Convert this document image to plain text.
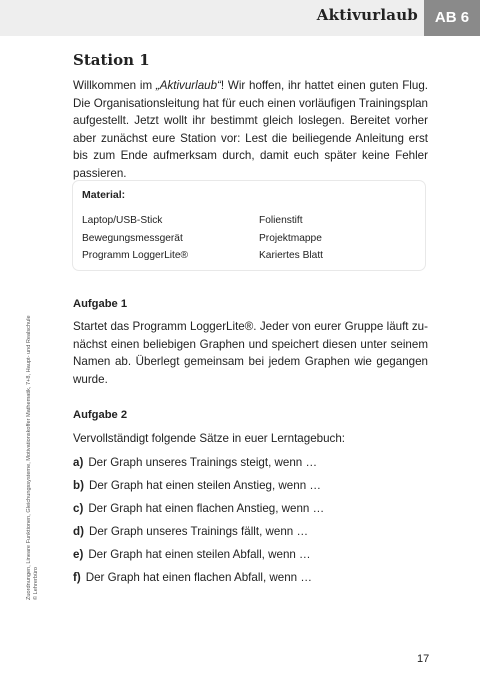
Aktivurlaub	AB 6
Station 1
Willkommen im „Aktivurlaub“! Wir hoffen, ihr hattet einen guten Flug. Die Organisationsleitung hat für euch einen vorläufigen Trainingsplan aufgestellt. Jetzt wollt ihr bestimmt gleich loslegen. Bereitet vorher aber zunächst eure Station vor: Lest die beiliegende Anleitung erst bis zum Ende aufmerksam durch, damit euch später keine Fehler passieren.
Material:
Laptop/USB-Stick
Bewegungsmessgerät
Programm LoggerLite®
Folienstift
Projektmappe
Kariertes Blatt
Aufgabe 1
Startet das Programm LoggerLite®. Jeder von eurer Gruppe läuft zunächst einen beliebigen Graphen und speichert diesen unter seinem Namen ab. Überlegt gemeinsam bei jedem Graphen wie gegangen wurde.
Aufgabe 2
Vervollständigt folgende Sätze in euer Lerntagebuch:
a) Der Graph unseres Trainings steigt, wenn …
b) Der Graph hat einen steilen Anstieg, wenn …
c) Der Graph hat einen flachen Anstieg, wenn …
d) Der Graph unseres Trainings fällt, wenn …
e) Der Graph hat einen steilen Abfall, wenn …
f) Der Graph hat einen flachen Abfall, wenn …
Zuordnungen, Lineare Funktionen, Gleichungssysteme, Motivationskoffer Mathematik, 7+8, Haupt- und Realschule © Lehrerbüro
17
